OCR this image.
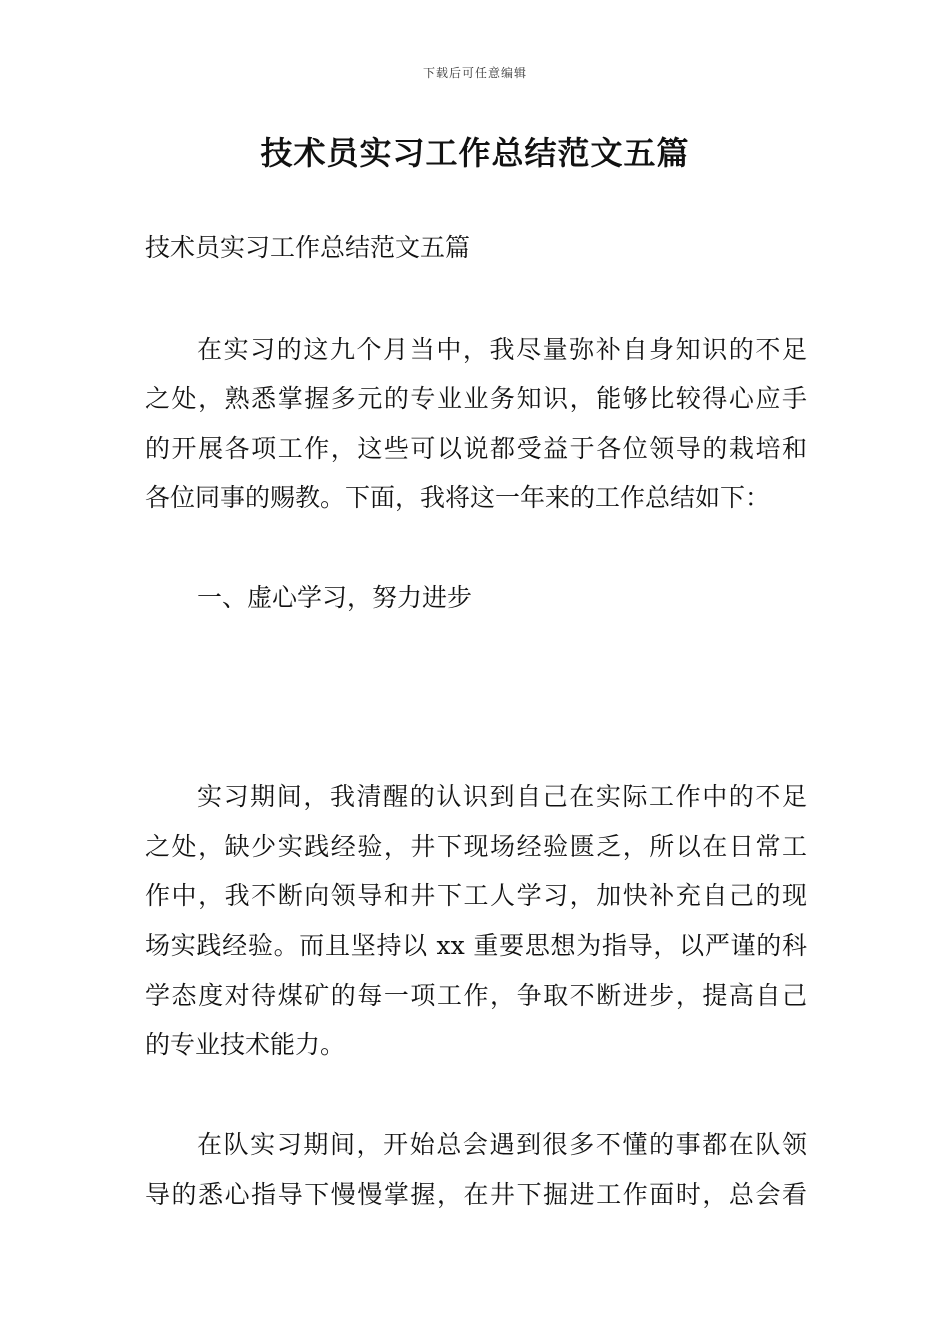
下载后可任意编辑
技术员实习工作总结范文五篇
技术员实习工作总结范文五篇
在实习的这九个月当中，我尽量弥补自身知识的不足
之处，熟悉掌握多元的专业业务知识，能够比较得心应手
的开展各项工作，这些可以说都受益于各位领导的栽培和
各位同事的赐教。下面，我将这一年来的工作总结如下：
一、虚心学习，努力进步
实习期间，我清醒的认识到自己在实际工作中的不足
之处，缺少实践经验，井下现场经验匮乏，所以在日常工
作中，我不断向领导和井下工人学习，加快补充自己的现
场实践经验。而且坚持以 xx 重要思想为指导，以严谨的科
学态度对待煤矿的每一项工作，争取不断进步，提高自己
的专业技术能力。
在队实习期间，开始总会遇到很多不懂的事都在队领
导的悉心指导下慢慢掌握，在井下掘进工作面时，总会看
